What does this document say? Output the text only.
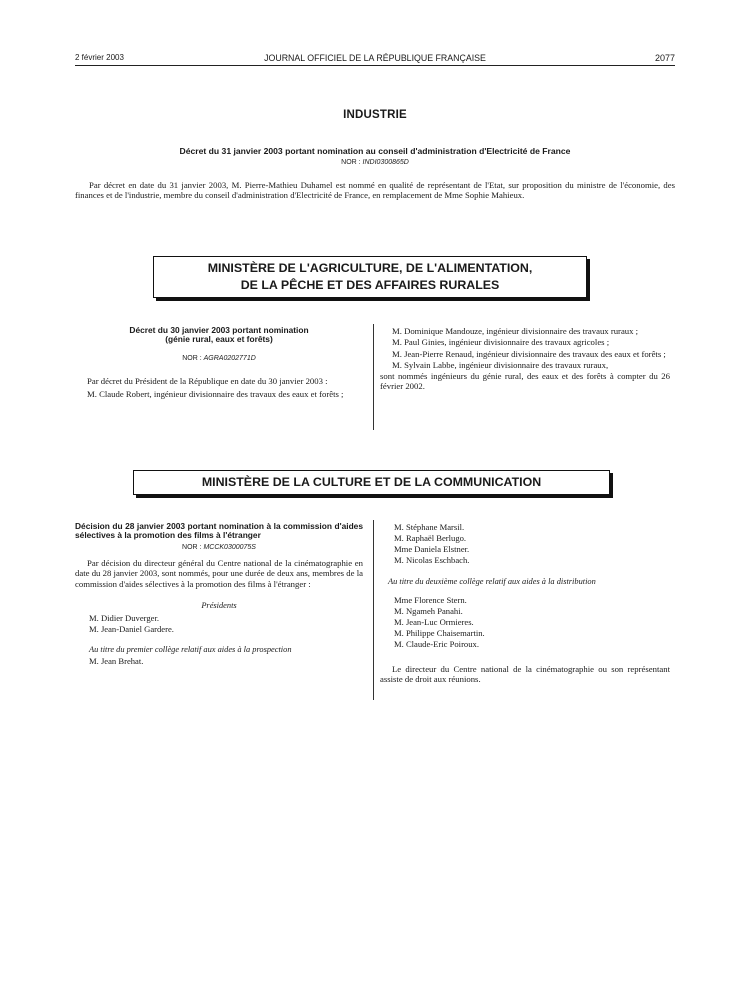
2 février 2003	JOURNAL OFFICIEL DE LA RÉPUBLIQUE FRANÇAISE	2077
INDUSTRIE
Décret du 31 janvier 2003 portant nomination au conseil d'administration d'Electricité de France
NOR : INDI0300865D

Par décret en date du 31 janvier 2003, M. Pierre-Mathieu Duhamel est nommé en qualité de représentant de l'Etat, sur proposition du ministre de l'économie, des finances et de l'industrie, membre du conseil d'administration d'Electricité de France, en remplacement de Mme Sophie Mahieux.

MINISTÈRE DE L'AGRICULTURE, DE L'ALIMENTATION,
DE LA PÊCHE ET DES AFFAIRES RURALES
Décret du 30 janvier 2003 portant nomination
(génie rural, eaux et forêts)
NOR : AGRA0202771D

Par décret du Président de la République en date du 30 janvier 2003 :

M. Claude Robert, ingénieur divisionnaire des travaux des eaux et forêts ;

M. Dominique Mandouze, ingénieur divisionnaire des travaux ruraux ;

M. Paul Ginies, ingénieur divisionnaire des travaux agricoles ;

M. Jean-Pierre Renaud, ingénieur divisionnaire des travaux des eaux et forêts ;

M. Sylvain Labbe, ingénieur divisionnaire des travaux ruraux,

sont nommés ingénieurs du génie rural, des eaux et des forêts à compter du 26 février 2002.

MINISTÈRE DE LA CULTURE ET DE LA COMMUNICATION
Décision du 28 janvier 2003 portant nomination à la commission d'aides sélectives à la promotion des films à l'étranger
NOR : MCCK0300075S

Par décision du directeur général du Centre national de la cinématographie en date du 28 janvier 2003, sont nommés, pour une durée de deux ans, membres de la commission d'aides sélectives à la promotion des films à l'étranger :

Présidents
M. Didier Duverger.
M. Jean-Daniel Gardere.
Au titre du premier collège relatif aux aides à la prospection
M. Jean Brehat.
M. Stéphane Marsil.
M. Raphaël Berlugo.
Mme Daniela Elstner.
M. Nicolas Eschbach.
Au titre du deuxième collège relatif aux aides à la distribution
Mme Florence Stern.
M. Ngameh Panahi.
M. Jean-Luc Ormieres.
M. Philippe Chaisemartin.
M. Claude-Eric Poiroux.

Le directeur du Centre national de la cinématographie ou son représentant assiste de droit aux réunions.
